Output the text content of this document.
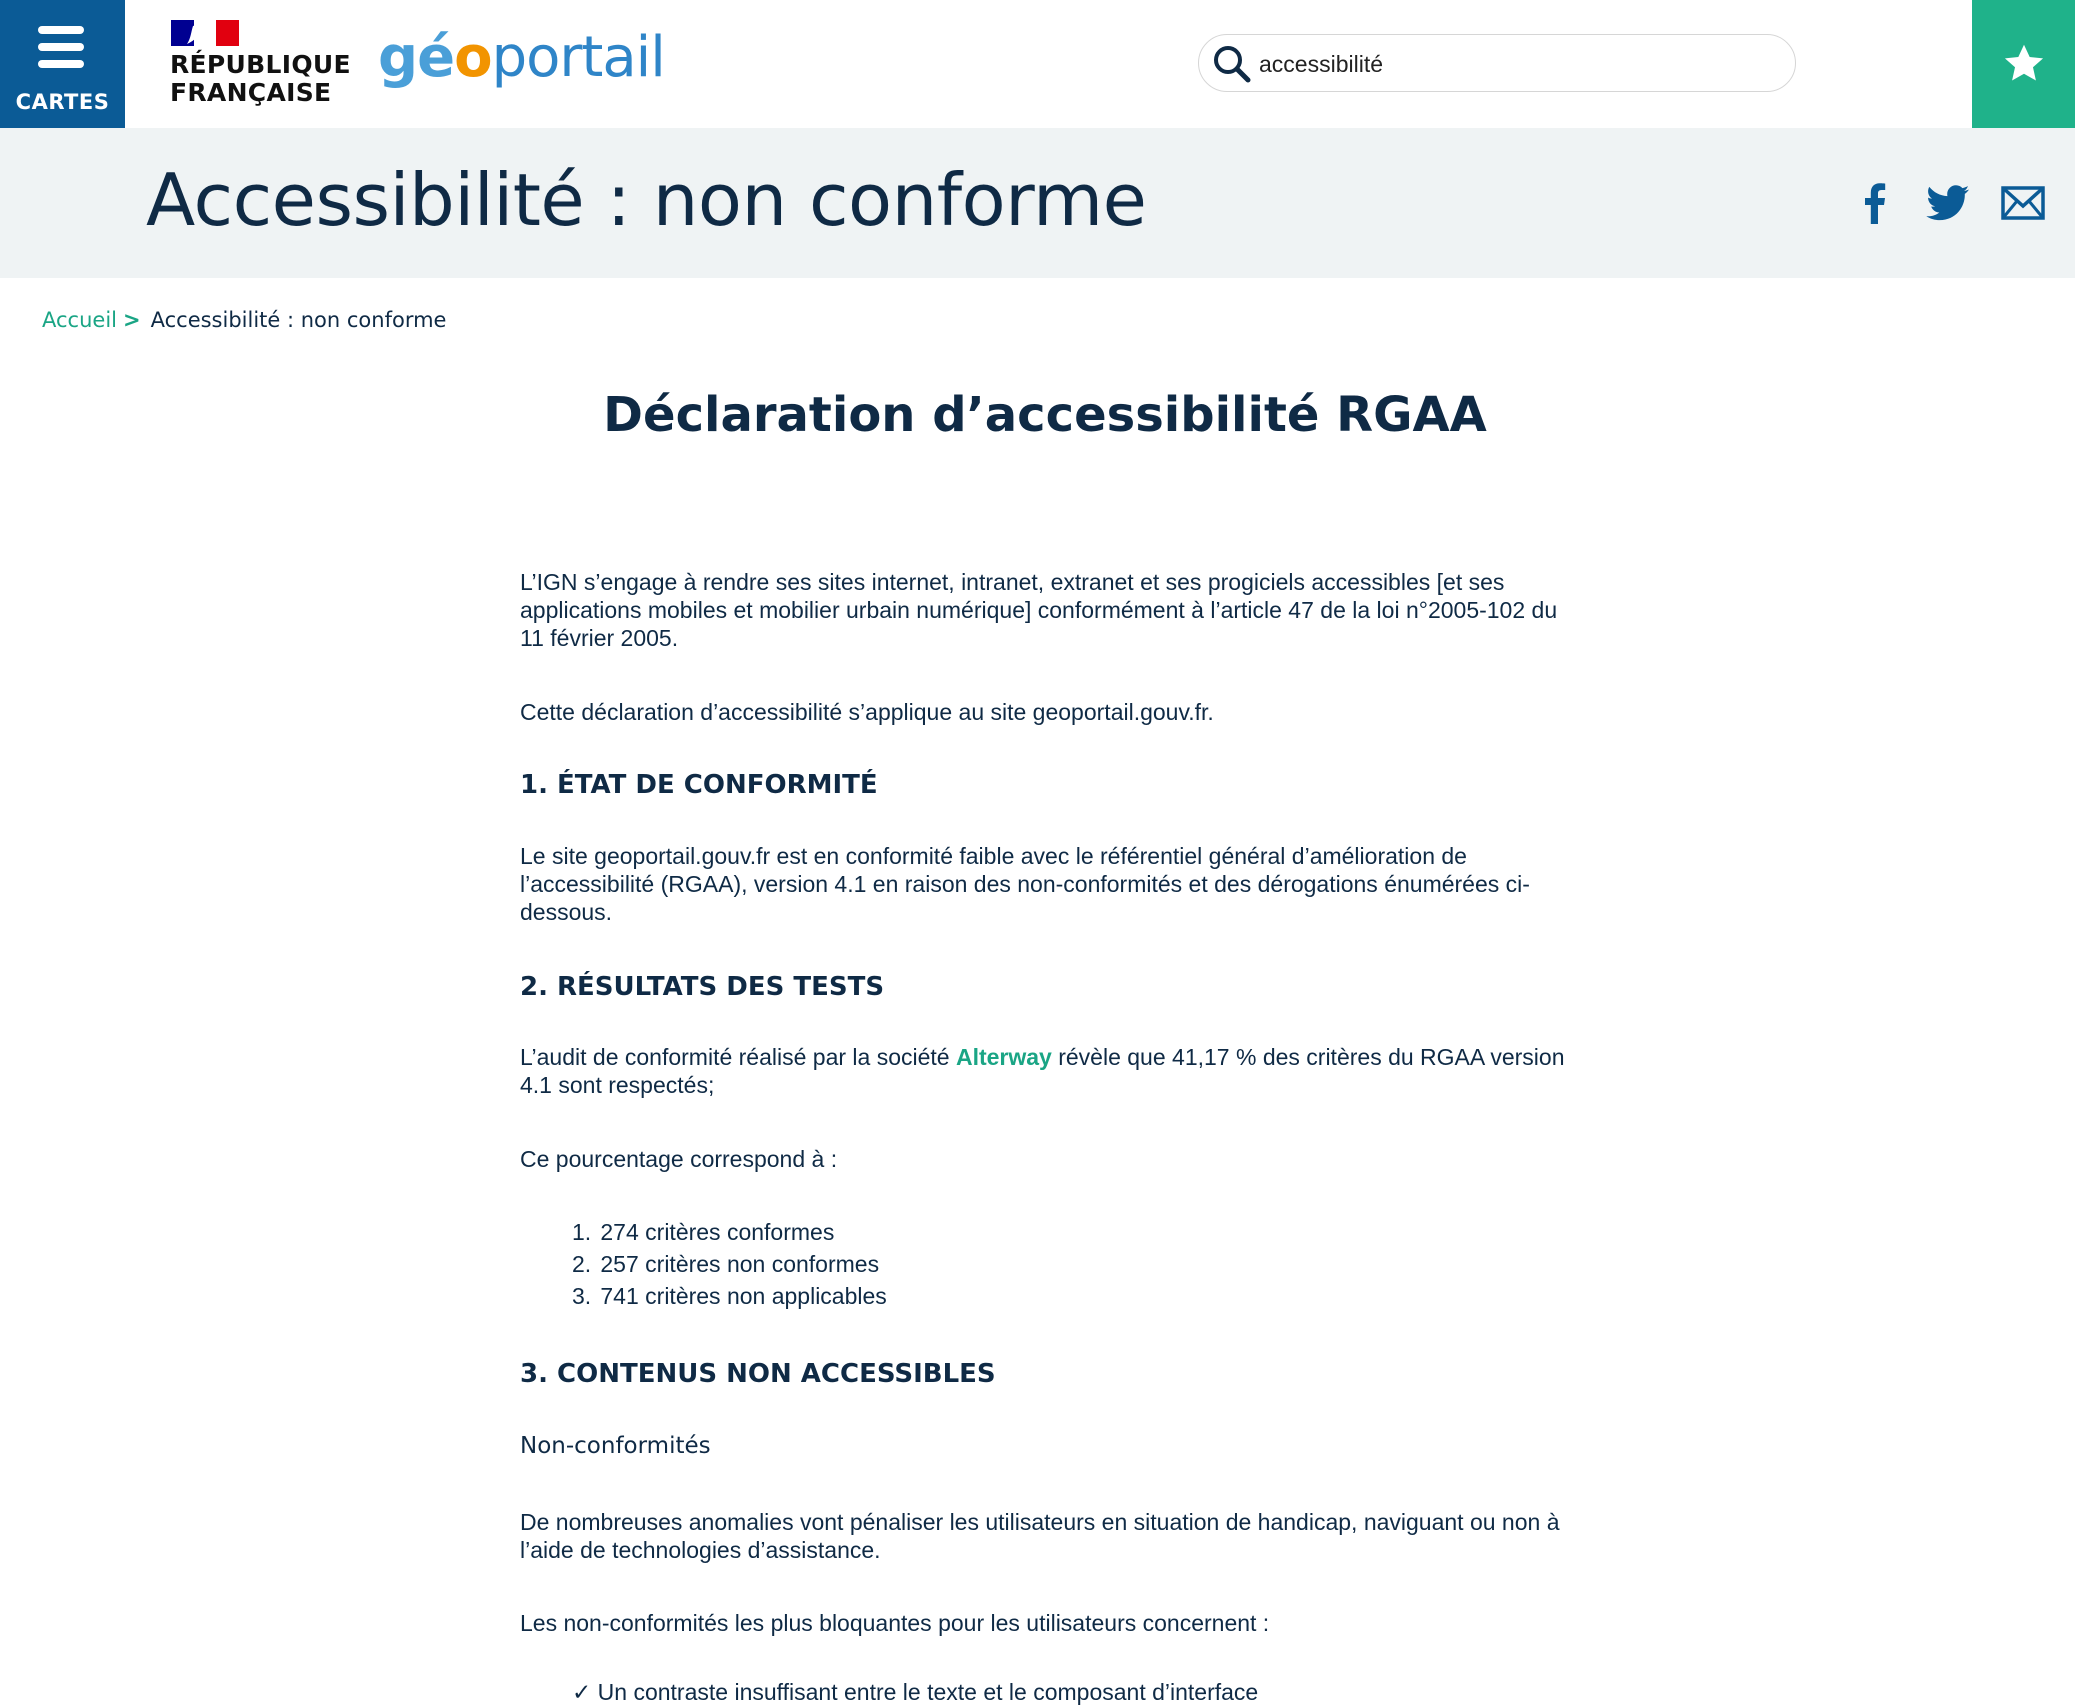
CARTES
RÉPUBLIQUE
FRANÇAISE
géoportail
accessibilité
Accessibilité : non conforme
Accueil > Accessibilité : non conforme
Déclaration d’accessibilité RGAA

L’IGN s’engage à rendre ses sites internet, intranet, extranet et ses progiciels accessibles [et ses applications mobiles et mobilier urbain numérique] conformément à l’article 47 de la loi n°2005-102 du 11 février 2005.

Cette déclaration d’accessibilité s’applique au site geoportail.gouv.fr.

1. ÉTAT DE CONFORMITÉ

Le site geoportail.gouv.fr est en conformité faible avec le référentiel général d’amélioration de l’accessibilité (RGAA), version 4.1 en raison des non-conformités et des dérogations énumérées ci-dessous.

2. RÉSULTATS DES TESTS

L’audit de conformité réalisé par la société Alterway révèle que 41,17 % des critères du RGAA version 4.1 sont respectés;

Ce pourcentage correspond à :

1. 274 critères conformes
2. 257 critères non conformes
3. 741 critères non applicables
3. CONTENUS NON ACCESSIBLES
Non-conformités

De nombreuses anomalies vont pénaliser les utilisateurs en situation de handicap, naviguant ou non à l’aide de technologies d’assistance.

Les non-conformités les plus bloquantes pour les utilisateurs concernent :

✓ Un contraste insuffisant entre le texte et le composant d’interface
